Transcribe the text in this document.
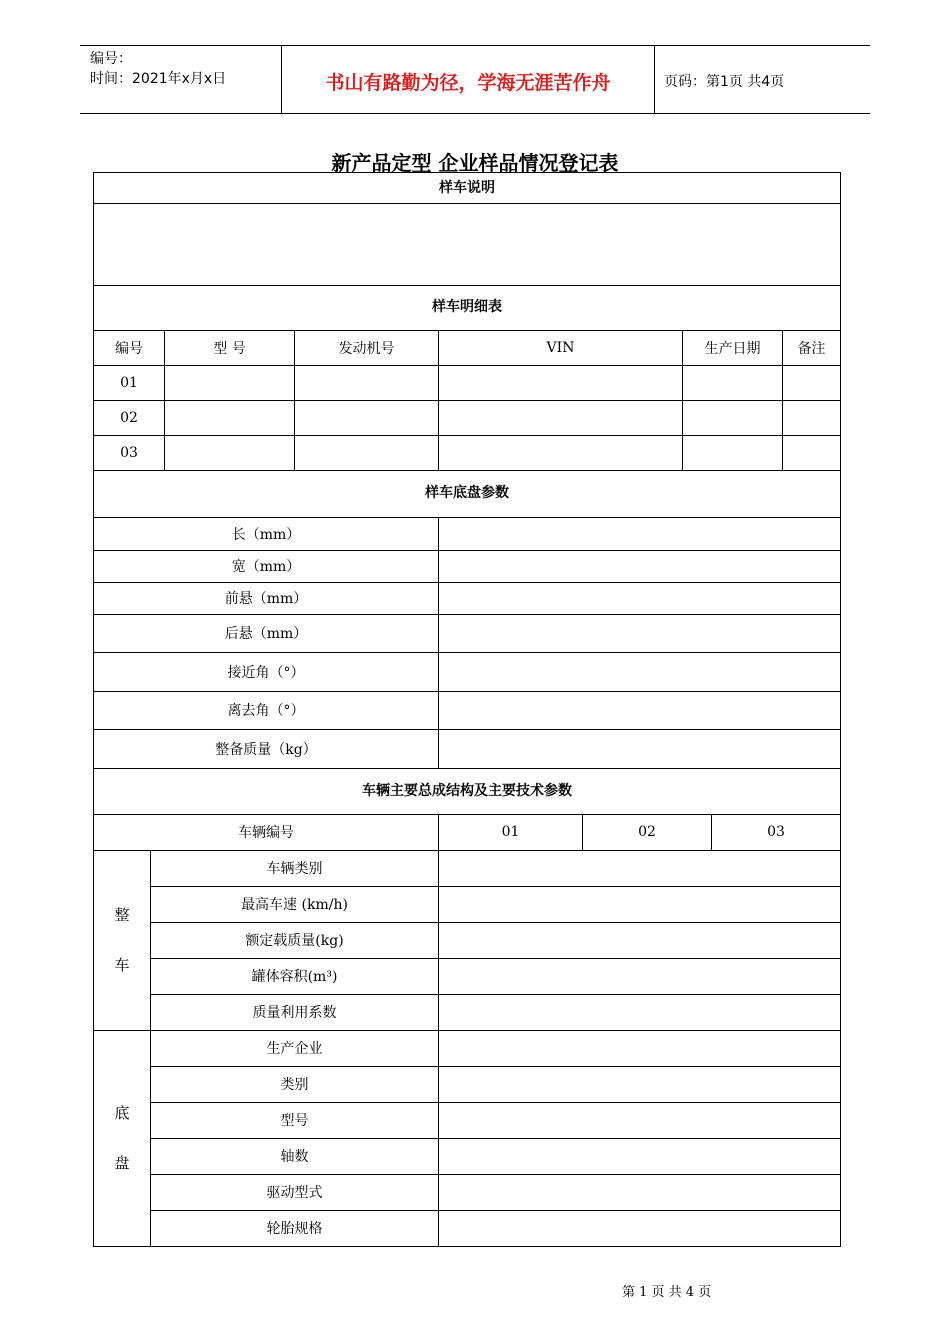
编号：
时间：2021年x月x日	书山有路勤为径，学海无涯苦作舟	页码：第1页 共4页
新产品定型 企业样品情况登记表
样车说明

样车明细表					
编号	型 号	发动机号	VIN	生产日期	备注
01					
02					
03					
样车底盘参数	
长（mm）	
宽（mm）	
前悬（mm）	
后悬（mm）	
接近角（°）	
离去角（°）	
整备质量（kg）	
车辆主要总成结构及主要技术参数				
车辆编号		01	02	03
整
车	车辆类别			
	最高车速 (km/h)			
	额定载质量(kg)			
	罐体容积(m³)			
	质量利用系数			
底
盘	生产企业			
	类别			
	型号			
	轴数			
	驱动型式			
	轮胎规格			
第 1 页 共 4 页
